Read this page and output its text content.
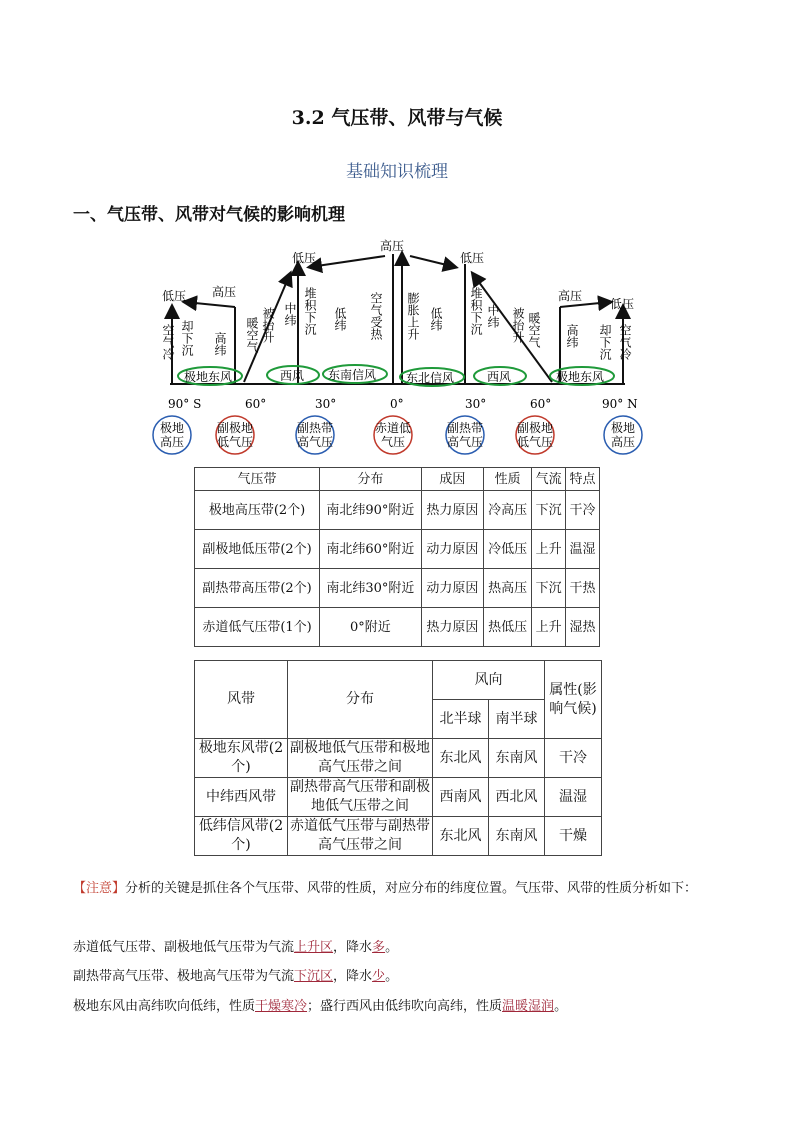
3.2 气压带、风带与气候
基础知识梳理
一、气压带、风带对气候的影响机理
高压
低压	低压
低压 高压	高压
低压
空气冷 却下沉 高纬 暖空气 被抬升 中纬 堆积下沉 低纬 空气受热 膨胀上升 低纬 堆积下沉 中纬 被抬升 暖空气 高纬 却下沉 空气冷
极地东风	西风 东南信风 东北信风	西风	极地东风
90° S	60°	30°	0°	30°	60°	90° N
极地高压
副极地低气压
副热带高气压
赤道低气压
副热带高气压
副极地低气压
极地高压
气压带	分布	成因	性质	气流	特点
极地高压带(2个)	南北纬90°附近	热力原因	冷高压	下沉	干冷
副极地低压带(2个)	南北纬60°附近	动力原因	冷低压	上升	温湿
副热带高压带(2个)	南北纬30°附近	动力原因	热高压	下沉	干热
赤道低气压带(1个)	0°附近	热力原因	热低压	上升	湿热
风带	分布	风向		属性(影响气候)
		北半球	南半球	
极地东风带(2个)	副极地低气压带和极地高气压带之间	东北风	东南风	干冷
中纬西风带	副热带高气压带和副极地低气压带之间	西南风	西北风	温湿
低纬信风带(2个)	赤道低气压带与副热带高气压带之间	东北风	东南风	干燥
【注意】分析的关键是抓住各个气压带、风带的性质，对应分布的纬度位置。气压带、风带的性质分析如下：
赤道低气压带、副极地低气压带为气流上升区，降水多。
副热带高气压带、极地高气压带为气流下沉区，降水少。
极地东风由高纬吹向低纬，性质干燥寒冷；盛行西风由低纬吹向高纬，性质温暖湿润。
